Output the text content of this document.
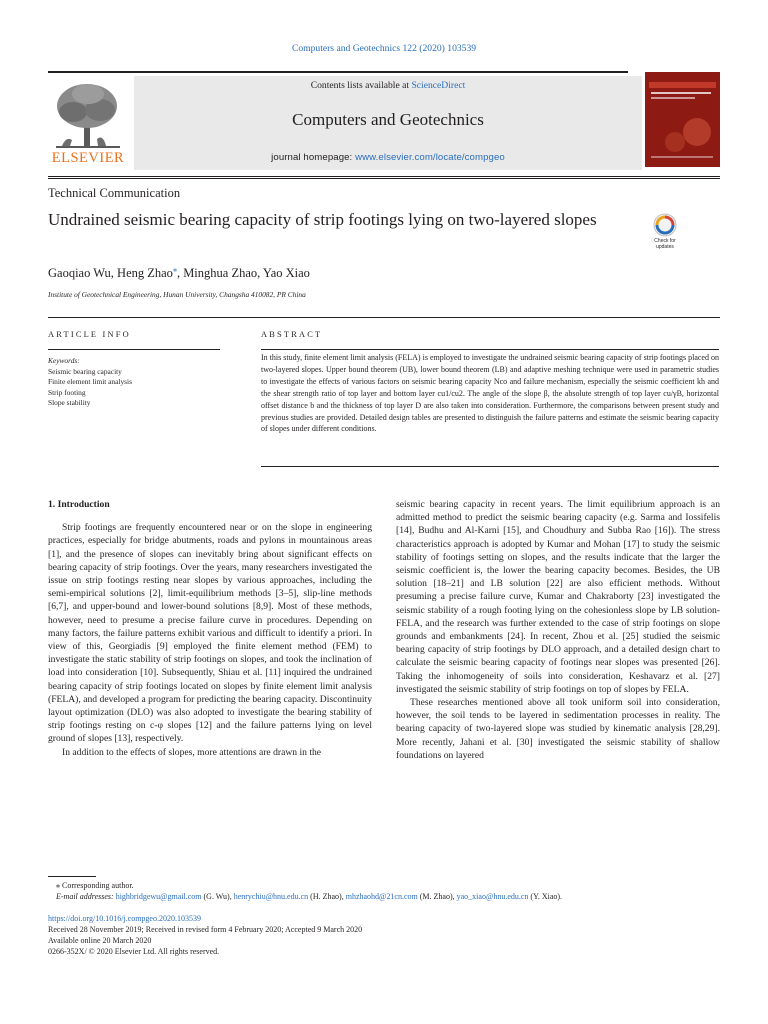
Computers and Geotechnics 122 (2020) 103539
ELSEVIER
Contents lists available at ScienceDirect
Computers and Geotechnics
journal homepage: www.elsevier.com/locate/compgeo
Technical Communication
Undrained seismic bearing capacity of strip footings lying on two-layered slopes
Check for updates
Gaoqiao Wu, Heng Zhao⁎, Minghua Zhao, Yao Xiao
Institute of Geotechnical Engineering, Hunan University, Changsha 410082, PR China
ARTICLE INFO	ABSTRACT
Keywords:
Seismic bearing capacity
Finite element limit analysis
Strip footing
Slope stability
In this study, finite element limit analysis (FELA) is employed to investigate the undrained seismic bearing capacity of strip footings placed on two-layered slopes. Upper bound theorem (UB), lower bound theorem (LB) and adaptive meshing technique were used in parametric studies to investigate the effects of various factors on seismic bearing capacity Nco and failure mechanism, especially the seismic coefficient kh and the shear strength ratio of top layer and bottom layer cu1/cu2. The angle of the slope β, the absolute strength of top layer cu/γB, horizontal offset distance b and the thickness of top layer D are also taken into consideration. Furthermore, the comparisons between present study and previous studies are provided. Detailed design tables are presented to distinguish the failure patterns and estimate the seismic bearing capacity of slopes under different conditions.
1. Introduction

Strip footings are frequently encountered near or on the slope in engineering practices, especially for bridge abutments, roads and pylons in mountainous areas [1], and the presence of slopes can inevitably bring about significant effects on bearing capacity of strip footings. Over the years, many researchers investigated the issue on strip footings resting near slopes by various approaches, including the semi-empirical solutions [2], limit-equilibrium methods [3–5], slip-line methods [6,7], and upper-bound and lower-bound solutions [8,9]. Most of these methods, however, need to presume a precise failure curve in procedures. Depending on many factors, the failure patterns exhibit various and difficult to identify a priori. In view of this, Georgiadis [9] employed the finite element method (FEM) to investigate the static stability of strip footings on slopes, and took the inclination of load into consideration [10]. Subsequently, Shiau et al. [11] inquired the undrained bearing capacity of strip footings located on slopes by finite element limit analysis (FELA), and developed a program for predicting the bearing capacity. Discontinuity layout optimization (DLO) was also adopted to investigate the bearing stability of strip footings resting on c-φ slopes [12] and the failure patterns lying on level ground of slopes [13], respectively.

In addition to the effects of slopes, more attentions are drawn in the

seismic bearing capacity in recent years. The limit equilibrium approach is an admitted method to predict the seismic bearing capacity (e.g. Sarma and Iossifelis [14], Budhu and Al-Karni [15], and Choudhury and Subba Rao [16]). The stress characteristics approach is adopted by Kumar and Mohan [17] to study the seismic stability of footings setting on slopes, and the results indicate that the larger the seismic coefficient is, the lower the bearing capacity becomes. Besides, the UB solution [18–21] and LB solution [22] are also efficient methods. Without presuming a precise failure curve, Kumar and Chakraborty [23] investigated the seismic stability of a rough footing lying on the cohesionless slope by LB solution-FELA, and the research was further extended to the case of strip footings on slope grounds and embankments [24]. In recent, Zhou et al. [25] studied the seismic bearing capacity of strip footings by DLO approach, and a detailed design chart to calculate the seismic bearing capacity of footings near slopes was presented [26]. Taking the inhomogeneity of soils into consideration, Keshavarz et al. [27] investigated the seismic stability of strip footings on top of slopes by FELA.

These researches mentioned above all took uniform soil into consideration, however, the soil tends to be layered in sedimentation processes in reality. The bearing capacity of two-layered slope was studied by kinematic analysis [28,29]. More recently, Jahani et al. [30] investigated the seismic stability of shallow foundations on layered

⁎ Corresponding author.
E-mail addresses: highbridgewu@gmail.com (G. Wu), henrychiu@hnu.edu.cn (H. Zhao), mhzhaohd@21cn.com (M. Zhao), yao_xiao@hnu.edu.cn (Y. Xiao).
https://doi.org/10.1016/j.compgeo.2020.103539
Received 28 November 2019; Received in revised form 4 February 2020; Accepted 9 March 2020
Available online 20 March 2020
0266-352X/ © 2020 Elsevier Ltd. All rights reserved.
